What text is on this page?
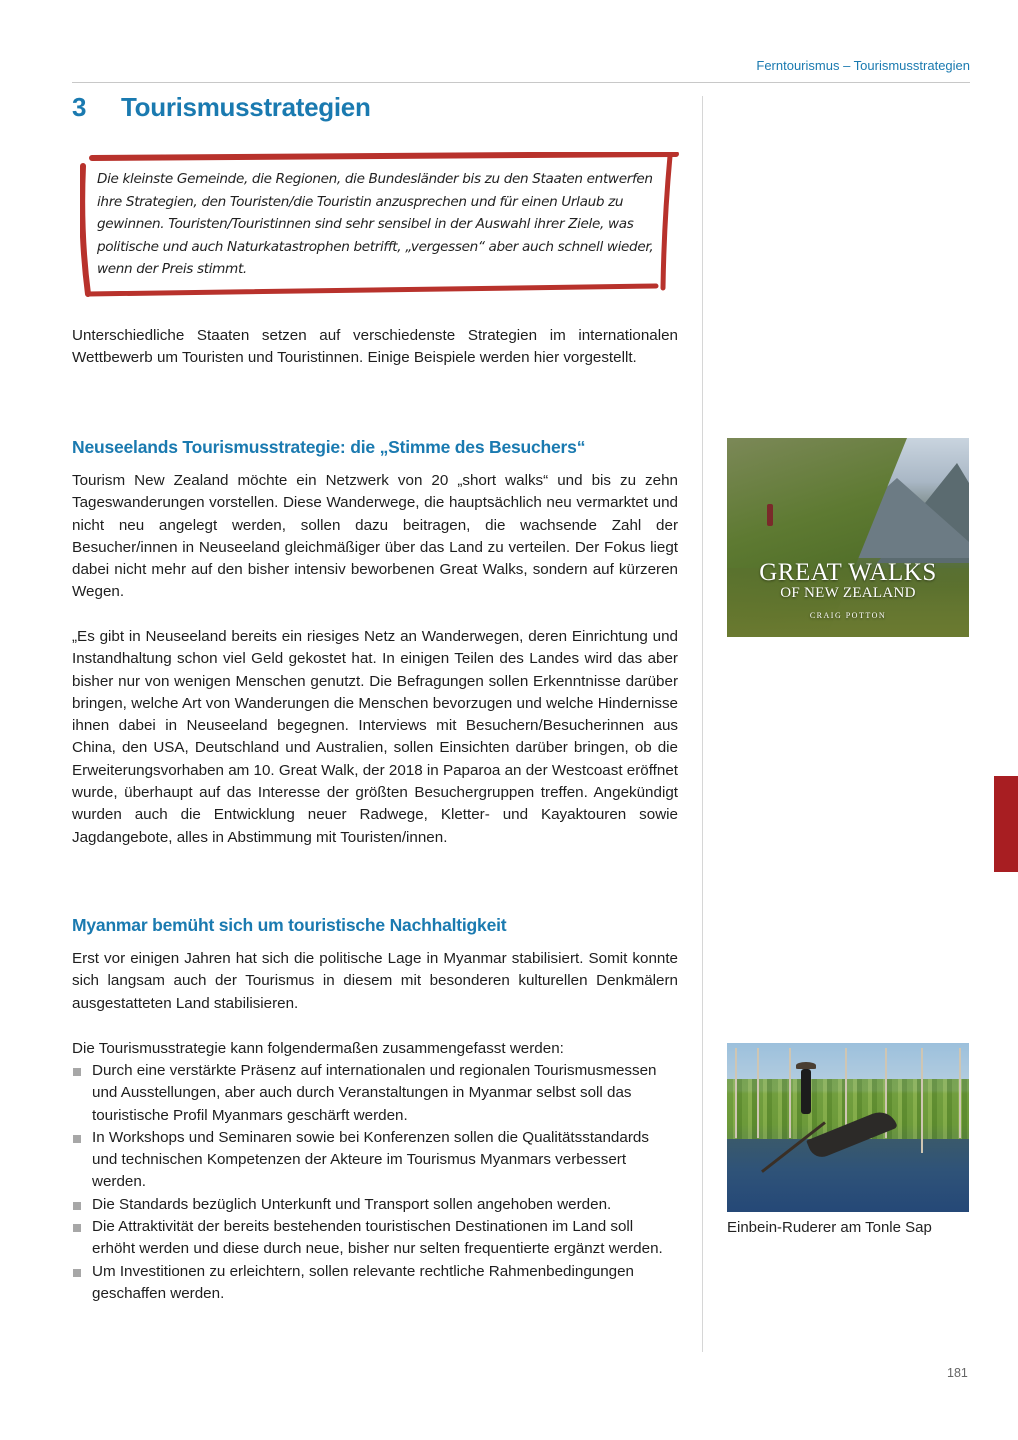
Ferntourismus – Tourismusstrategien
3 Tourismusstrategien
Die kleinste Gemeinde, die Regionen, die Bundesländer bis zu den Staaten entwerfen ihre Strategien, den Touristen/die Touristin anzusprechen und für einen Urlaub zu gewinnen. Touristen/Touristinnen sind sehr sensibel in der Auswahl ihrer Ziele, was politische und auch Naturkatastrophen betrifft, „vergessen“ aber auch schnell wieder, wenn der Preis stimmt.

Unterschiedliche Staaten setzen auf verschiedenste Strategien im internationalen Wettbewerb um Touristen und Touristinnen. Einige Beispiele werden hier vorgestellt.

Neuseelands Tourismusstrategie: die „Stimme des Besuchers“

Tourism New Zealand möchte ein Netzwerk von 20 „short walks“ und bis zu zehn Tageswanderungen vorstellen. Diese Wanderwege, die hauptsächlich neu vermarktet und nicht neu angelegt werden, sollen dazu beitragen, die wachsende Zahl der Besucher/innen in Neuseeland gleichmäßiger über das Land zu verteilen. Der Fokus liegt dabei nicht mehr auf den bisher intensiv beworbenen Great Walks, sondern auf kürzeren Wegen.

„Es gibt in Neuseeland bereits ein riesiges Netz an Wanderwegen, deren Einrichtung und Instandhaltung schon viel Geld gekostet hat. In einigen Teilen des Landes wird das aber bisher nur von wenigen Menschen genutzt. Die Befragungen sollen Erkenntnisse darüber bringen, welche Art von Wanderungen die Menschen bevorzugen und welche Hindernisse ihnen dabei in Neuseeland begegnen. Interviews mit Besuchern/Besucherinnen aus China, den USA, Deutschland und Australien, sollen Einsichten darüber bringen, ob die Erweiterungsvorhaben am 10. Great Walk, der 2018 in Paparoa an der Westcoast eröffnet wurde, überhaupt auf das Interesse der größten Besuchergruppen treffen. Angekündigt wurden auch die Entwicklung neuer Radwege, Kletter- und Kayaktouren sowie Jagdangebote, alles in Abstimmung mit Touristen/innen.

Myanmar bemüht sich um touristische Nachhaltigkeit

Erst vor einigen Jahren hat sich die politische Lage in Myanmar stabilisiert. Somit konnte sich langsam auch der Tourismus in diesem mit besonderen kulturellen Denkmälern ausgestatteten Land stabilisieren.

Die Tourismusstrategie kann folgendermaßen zusammengefasst werden:

Durch eine verstärkte Präsenz auf internationalen und regionalen Tourismusmessen und Ausstellungen, aber auch durch Veranstaltungen in Myanmar selbst soll das touristische Profil Myanmars geschärft werden.
In Workshops und Seminaren sowie bei Konferenzen sollen die Qualitätsstandards und technischen Kompetenzen der Akteure im Tourismus Myanmars verbessert werden.
Die Standards bezüglich Unterkunft und Transport sollen angehoben werden.
Die Attraktivität der bereits bestehenden touristischen Destinationen im Land soll erhöht werden und diese durch neue, bisher nur selten frequentierte ergänzt werden.
Um Investitionen zu erleichtern, sollen relevante rechtliche Rahmenbedingungen geschaffen werden.
GREAT WALKS
OF NEW ZEALAND
CRAIG POTTON
Einbein-Ruderer am Tonle Sap
181
